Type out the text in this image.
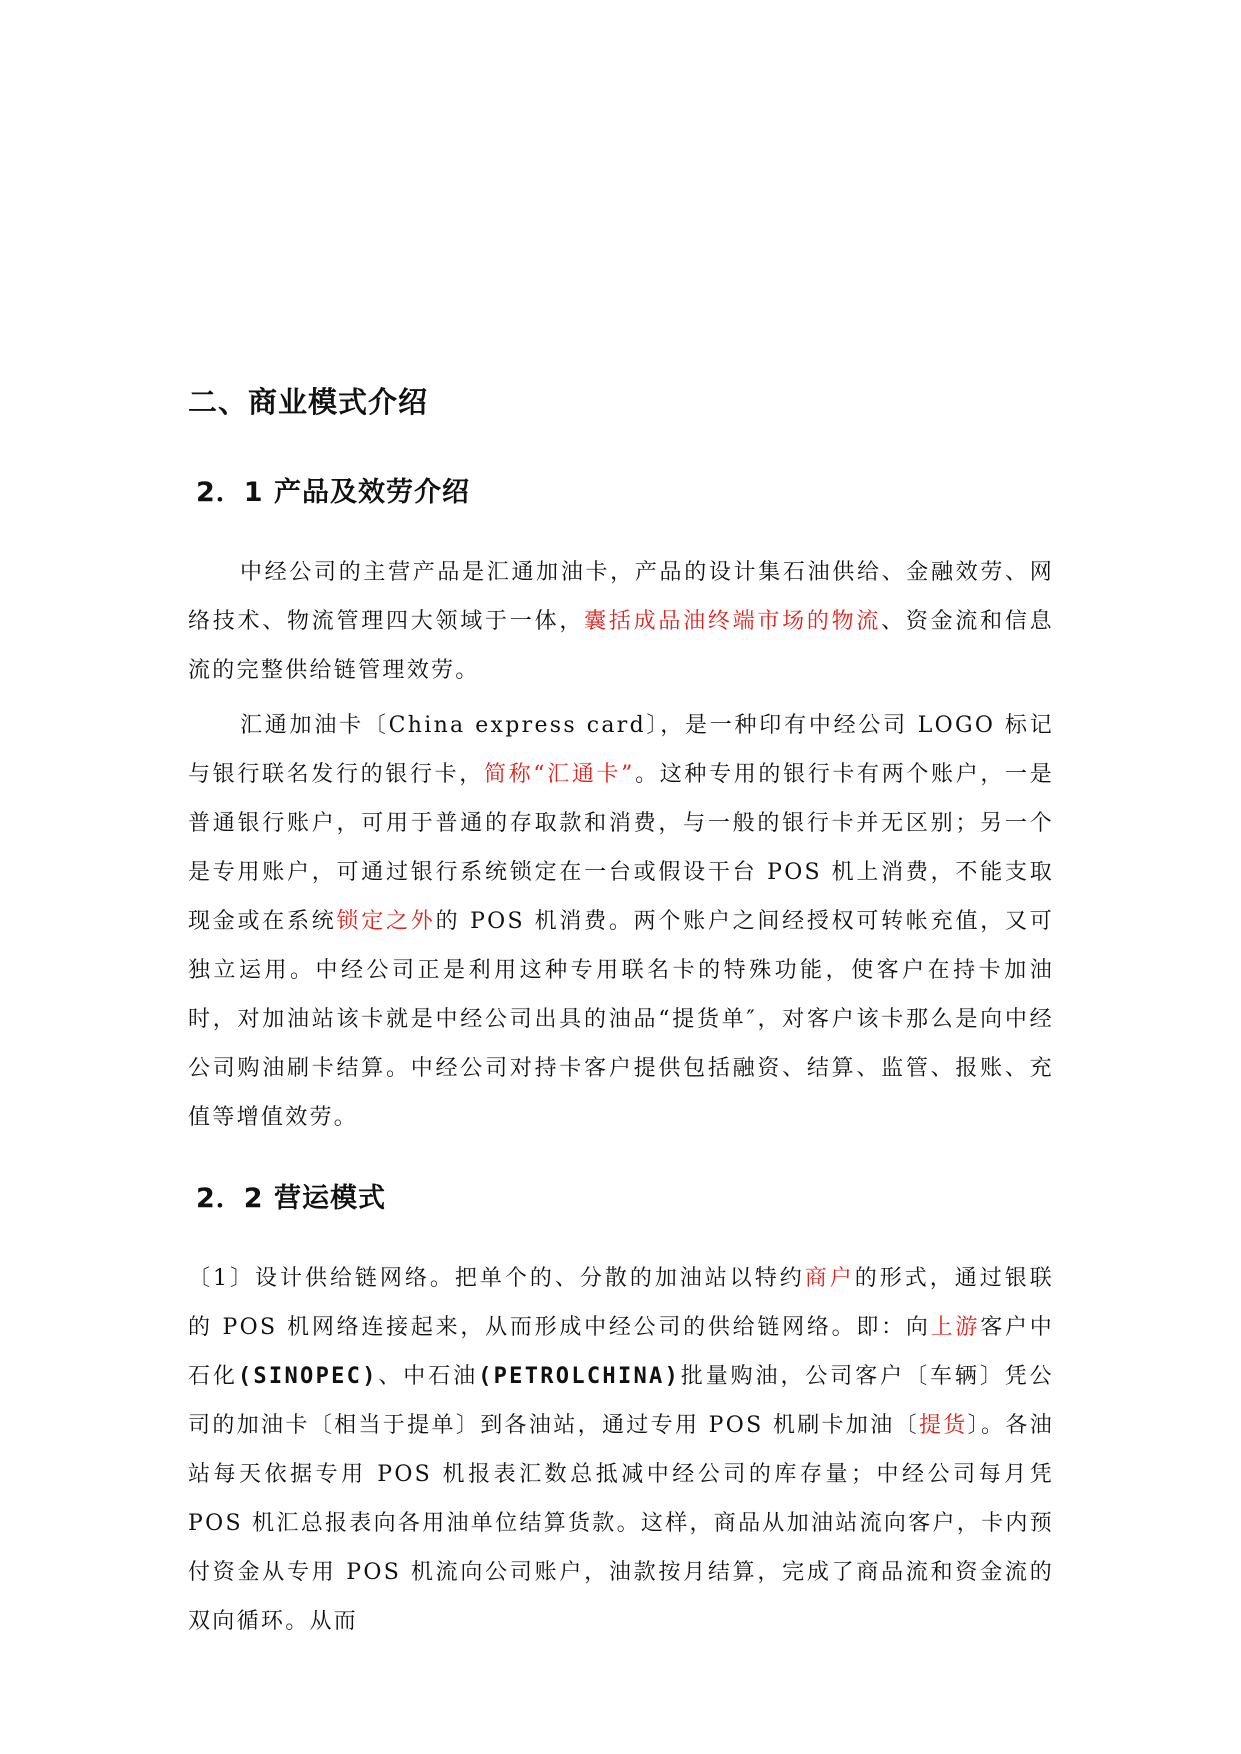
二、商业模式介绍
2．1 产品及效劳介绍

中经公司的主营产品是汇通加油卡，产品的设计集石油供给、金融效劳、网络技术、物流管理四大领域于一体，囊括成品油终端市场的物流、资金流和信息流的完整供给链管理效劳。

汇通加油卡〔China express card〕，是一种印有中经公司 LOGO 标记与银行联名发行的银行卡，简称“汇通卡”。这种专用的银行卡有两个账户，一是普通银行账户，可用于普通的存取款和消费，与一般的银行卡并无区别；另一个是专用账户，可通过银行系统锁定在一台或假设干台 POS 机上消费，不能支取现金或在系统锁定之外的 POS 机消费。两个账户之间经授权可转帐充值，又可独立运用。中经公司正是利用这种专用联名卡的特殊功能，使客户在持卡加油时，对加油站该卡就是中经公司出具的油品“提货单″，对客户该卡那么是向中经公司购油刷卡结算。中经公司对持卡客户提供包括融资、结算、监管、报账、充值等增值效劳。

2．2 营运模式

〔1〕设计供给链网络。把单个的、分散的加油站以特约商户的形式，通过银联的 POS 机网络连接起来，从而形成中经公司的供给链网络。即：向上游客户中石化(SINOPEC)、中石油(PETROLCHINA)批量购油，公司客户〔车辆〕凭公司的加油卡〔相当于提单〕到各油站，通过专用 POS 机刷卡加油〔提货〕。各油站每天依据专用 POS 机报表汇数总抵减中经公司的库存量；中经公司每月凭 POS 机汇总报表向各用油单位结算货款。这样，商品从加油站流向客户，卡内预付资金从专用 POS 机流向公司账户，油款按月结算，完成了商品流和资金流的双向循环。从而
